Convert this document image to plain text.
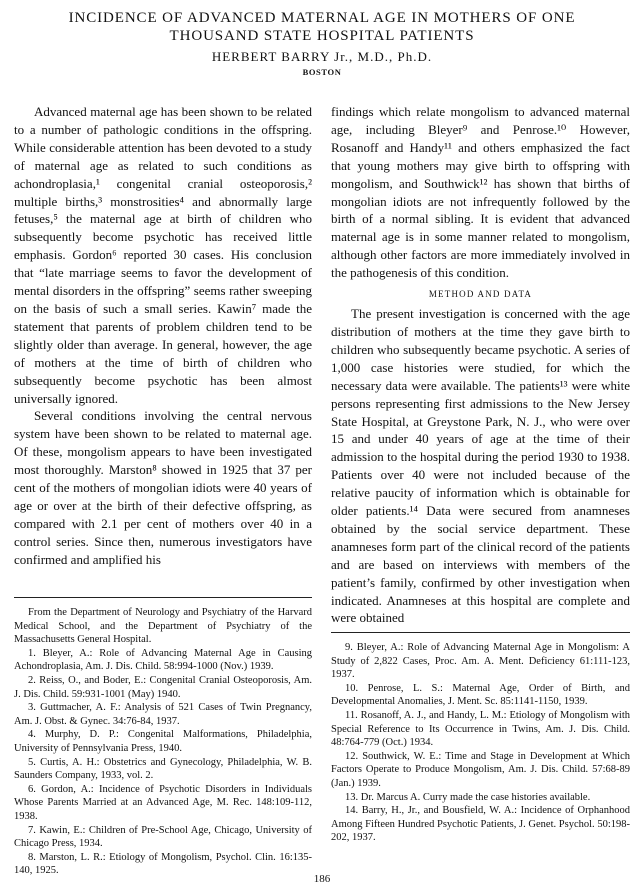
INCIDENCE OF ADVANCED MATERNAL AGE IN MOTHERS OF ONE
THOUSAND STATE HOSPITAL PATIENTS
HERBERT BARRY Jr., M.D., Ph.D.
BOSTON

Advanced maternal age has been shown to be related to a number of pathologic conditions in the offspring. While considerable attention has been devoted to a study of maternal age as related to such conditions as achondroplasia,¹ congenital cranial osteoporosis,² multiple births,³ monstrosities⁴ and abnormally large fetuses,⁵ the maternal age at birth of children who subsequently become psychotic has received little emphasis. Gordon⁶ reported 30 cases. His conclusion that “late marriage seems to favor the development of mental disorders in the offspring” seems rather sweeping on the basis of such a small series. Kawin⁷ made the statement that parents of problem children tend to be slightly older than average. In general, however, the age of mothers at the time of birth of children who subsequently become psychotic has been almost universally ignored.

Several conditions involving the central nervous system have been shown to be related to maternal age. Of these, mongolism appears to have been investigated most thoroughly. Marston⁸ showed in 1925 that 37 per cent of the mothers of mongolian idiots were 40 years of age or over at the birth of their defective offspring, as compared with 2.1 per cent of mothers over 40 in a control series. Since then, numerous investigators have confirmed and amplified his

findings which relate mongolism to advanced maternal age, including Bleyer⁹ and Penrose.¹⁰ However, Rosanoff and Handy¹¹ and others emphasized the fact that young mothers may give birth to offspring with mongolism, and Southwick¹² has shown that births of mongolian idiots are not infrequently followed by the birth of a normal sibling. It is evident that advanced maternal age is in some manner related to mongolism, although other factors are more immediately involved in the pathogenesis of this condition.

METHOD AND DATA

The present investigation is concerned with the age distribution of mothers at the time they gave birth to children who subsequently became psychotic. A series of 1,000 case histories were studied, for which the necessary data were available. The patients¹³ were white persons representing first admissions to the New Jersey State Hospital, at Greystone Park, N. J., who were over 15 and under 40 years of age at the time of their admission to the hospital during the period 1930 to 1938. Patients over 40 were not included because of the relative paucity of information which is obtainable for older patients.¹⁴ Data were secured from anamneses obtained by the social service department. These anamneses form part of the clinical record of the patients and are based on interviews with members of the patient’s family, confirmed by other investigation when indicated. Anamneses at this hospital are complete and were obtained

From the Department of Neurology and Psychiatry of the Harvard Medical School, and the Department of Psychiatry of the Massachusetts General Hospital.

1. Bleyer, A.: Role of Advancing Maternal Age in Causing Achondroplasia, Am. J. Dis. Child. 58:994-1000 (Nov.) 1939.

2. Reiss, O., and Boder, E.: Congenital Cranial Osteoporosis, Am. J. Dis. Child. 59:931-1001 (May) 1940.

3. Guttmacher, A. F.: Analysis of 521 Cases of Twin Pregnancy, Am. J. Obst. & Gynec. 34:76-84, 1937.

4. Murphy, D. P.: Congenital Malformations, Philadelphia, University of Pennsylvania Press, 1940.

5. Curtis, A. H.: Obstetrics and Gynecology, Philadelphia, W. B. Saunders Company, 1933, vol. 2.

6. Gordon, A.: Incidence of Psychotic Disorders in Individuals Whose Parents Married at an Advanced Age, M. Rec. 148:109-112, 1938.

7. Kawin, E.: Children of Pre-School Age, Chicago, University of Chicago Press, 1934.

8. Marston, L. R.: Etiology of Mongolism, Psychol. Clin. 16:135-140, 1925.

9. Bleyer, A.: Role of Advancing Maternal Age in Mongolism: A Study of 2,822 Cases, Proc. Am. A. Ment. Deficiency 61:111-123, 1937.

10. Penrose, L. S.: Maternal Age, Order of Birth, and Developmental Anomalies, J. Ment. Sc. 85:1141-1150, 1939.

11. Rosanoff, A. J., and Handy, L. M.: Etiology of Mongolism with Special Reference to Its Occurrence in Twins, Am. J. Dis. Child. 48:764-779 (Oct.) 1934.

12. Southwick, W. E.: Time and Stage in Development at Which Factors Operate to Produce Mongolism, Am. J. Dis. Child. 57:68-89 (Jan.) 1939.

13. Dr. Marcus A. Curry made the case histories available.

14. Barry, H., Jr., and Bousfield, W. A.: Incidence of Orphanhood Among Fifteen Hundred Psychotic Patients, J. Genet. Psychol. 50:198-202, 1937.

186
